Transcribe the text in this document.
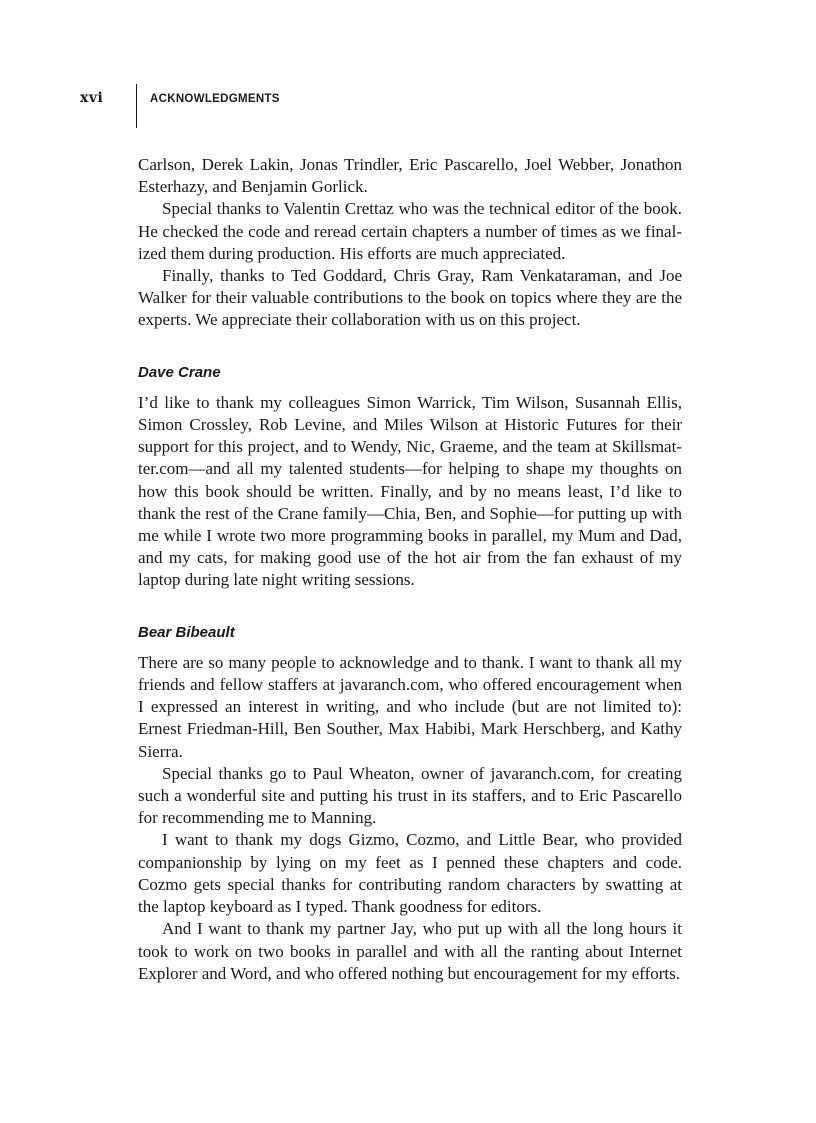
xvi	ACKNOWLEDGMENTS

Carlson, Derek Lakin, Jonas Trindler, Eric Pascarello, Joel Webber, Jonathon Esterhazy, and Benjamin Gorlick.

Special thanks to Valentin Crettaz who was the technical editor of the book. He checked the code and reread certain chapters a number of times as we finalized them during production. His efforts are much appreciated.

Finally, thanks to Ted Goddard, Chris Gray, Ram Venkataraman, and Joe Walker for their valuable contributions to the book on topics where they are the experts. We appreciate their collaboration with us on this project.

Dave Crane

I’d like to thank my colleagues Simon Warrick, Tim Wilson, Susannah Ellis, Simon Crossley, Rob Levine, and Miles Wilson at Historic Futures for their support for this project, and to Wendy, Nic, Graeme, and the team at Skillsmatter.com—and all my talented students—for helping to shape my thoughts on how this book should be written. Finally, and by no means least, I’d like to thank the rest of the Crane family—Chia, Ben, and Sophie—for putting up with me while I wrote two more programming books in parallel, my Mum and Dad, and my cats, for making good use of the hot air from the fan exhaust of my laptop during late night writing sessions.

Bear Bibeault

There are so many people to acknowledge and to thank. I want to thank all my friends and fellow staffers at javaranch.com, who offered encouragement when I expressed an interest in writing, and who include (but are not limited to): Ernest Friedman-Hill, Ben Souther, Max Habibi, Mark Herschberg, and Kathy Sierra.

Special thanks go to Paul Wheaton, owner of javaranch.com, for creating such a wonderful site and putting his trust in its staffers, and to Eric Pascarello for recommending me to Manning.

I want to thank my dogs Gizmo, Cozmo, and Little Bear, who provided companionship by lying on my feet as I penned these chapters and code. Cozmo gets special thanks for contributing random characters by swatting at the laptop keyboard as I typed. Thank goodness for editors.

And I want to thank my partner Jay, who put up with all the long hours it took to work on two books in parallel and with all the ranting about Internet Explorer and Word, and who offered nothing but encouragement for my efforts.
